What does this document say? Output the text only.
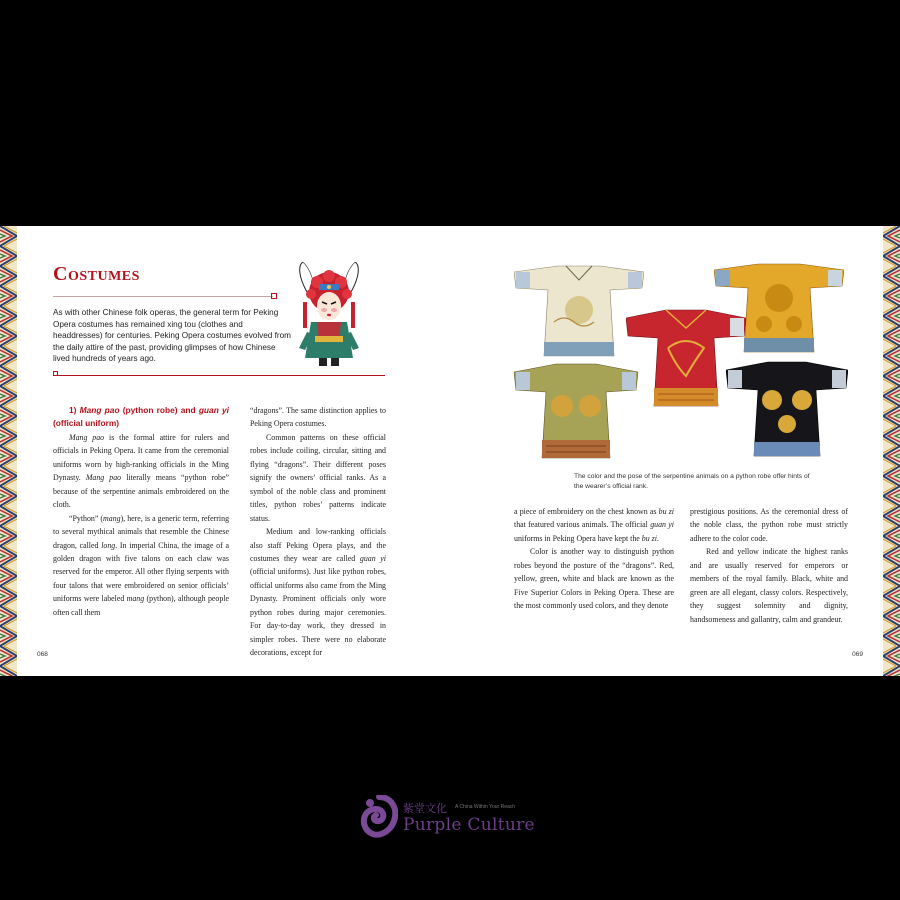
Costumes

As with other Chinese folk operas, the general term for Peking Opera costumes has remained xing tou (clothes and headdresses) for centuries. Peking Opera costumes evolved from the daily attire of the past, providing glimpses of how Chinese lived hundreds of years ago.

1) Mang pao (python robe) and guan yi (official uniform)

Mang pao is the formal attire for rulers and officials in Peking Opera. It came from the ceremonial uniforms worn by high-ranking officials in the Ming Dynasty. Mang pao literally means “python robe” because of the serpentine animals embroidered on the cloth.

“Python” (mang), here, is a generic term, referring to several mythical animals that resemble the Chinese dragon, called long. In imperial China, the image of a golden dragon with five talons on each claw was reserved for the emperor. All other flying serpents with four talons that were embroidered on senior officials’ uniforms were labeled mang (python), although people often call them

“dragons”. The same distinction applies to Peking Opera costumes.

Common patterns on these official robes include coiling, circular, sitting and flying “dragons”. Their different poses signify the owners’ official ranks. As a symbol of the noble class and prominent titles, python robes’ patterns indicate status.

Medium and low-ranking officials also staff Peking Opera plays, and the costumes they wear are called guan yi (official uniforms). Just like python robes, official uniforms also came from the Ming Dynasty. Prominent officials only wore python robes during major ceremonies. For day-to-day work, they dressed in simpler robes. There were no elaborate decorations, except for

068

The color and the pose of the serpentine animals on a python robe offer hints of the wearer’s official rank.

a piece of embroidery on the chest known as bu zi that featured various animals. The official guan yi uniforms in Peking Opera have kept the bu zi.

Color is another way to distinguish python robes beyond the posture of the “dragons”. Red, yellow, green, white and black are known as the Five Superior Colors in Peking Opera. These are the most commonly used colors, and they denote

prestigious positions. As the ceremonial dress of the noble class, the python robe must strictly adhere to the color code.

Red and yellow indicate the highest ranks and are usually reserved for emperors or members of the royal family. Black, white and green are all elegant, classy colors. Respectively, they suggest solemnity and dignity, handsomeness and gallantry, calm and grandeur.

069
紫堂文化 A China Within Your Reach
Purple Culture
